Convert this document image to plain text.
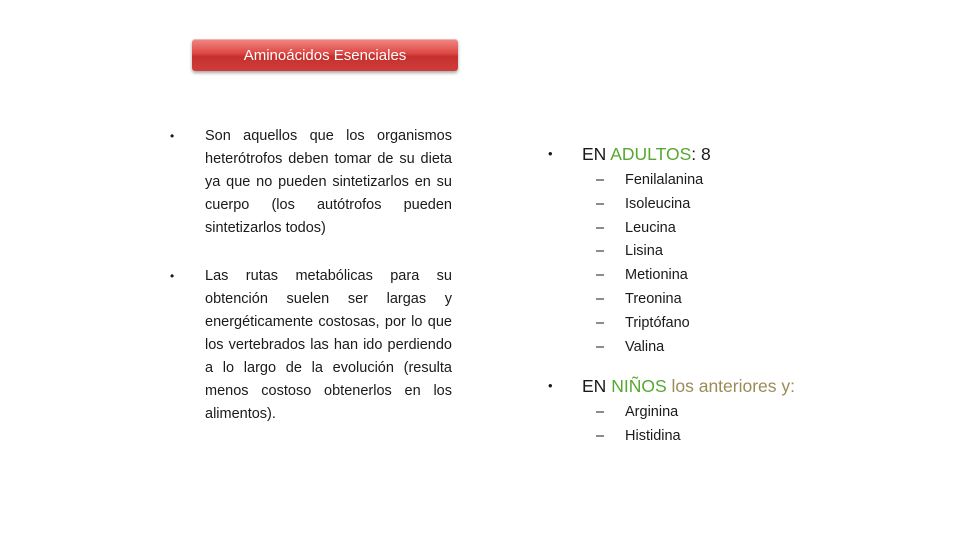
Aminoácidos Esenciales
• Son aquellos que los organismos heterótrofos deben tomar de su dieta ya que no pueden sintetizarlos en su cuerpo (los autótrofos pueden sintetizarlos todos)
• Las rutas metabólicas para su obtención suelen ser largas y energéticamente costosas, por lo que los vertebrados las han ido perdiendo a lo largo de la evolución (resulta menos costoso obtenerlos en los alimentos).
• EN ADULTOS: 8
– Fenilalanina
– Isoleucina
– Leucina
– Lisina
– Metionina
– Treonina
– Triptófano
– Valina
• EN NIÑOS los anteriores y:
– Arginina
– Histidina
